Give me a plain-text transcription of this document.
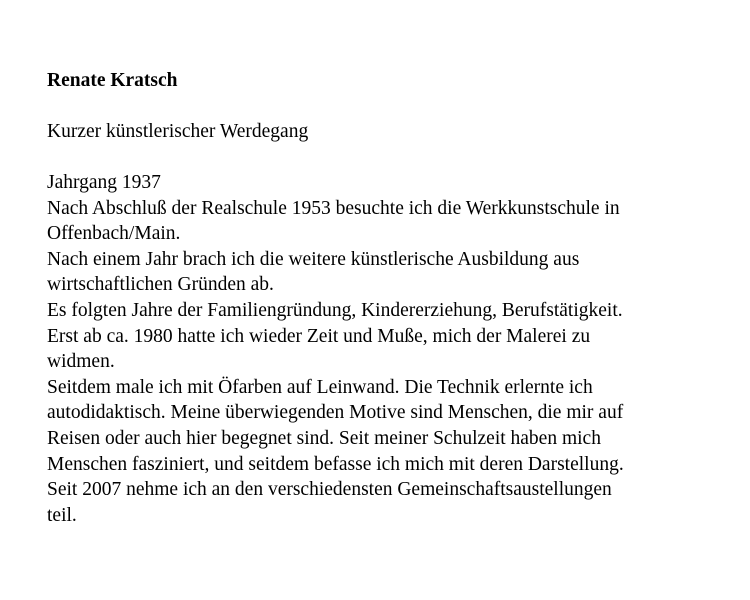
Renate Kratsch

Kurzer künstlerischer Werdegang

Jahrgang 1937
Nach Abschluß der Realschule 1953 besuchte ich die Werkkunstschule in
Offenbach/Main.
Nach einem Jahr brach ich die weitere künstlerische Ausbildung aus
wirtschaftlichen Gründen ab.
Es folgten Jahre der Familiengründung, Kindererziehung, Berufstätigkeit.
Erst ab ca. 1980 hatte ich wieder Zeit und Muße, mich der Malerei zu
widmen.
Seitdem male ich mit Öfarben auf Leinwand. Die Technik erlernte ich
autodidaktisch. Meine überwiegenden Motive sind Menschen, die mir auf
Reisen oder auch hier begegnet sind. Seit meiner Schulzeit haben mich
Menschen fasziniert, und seitdem befasse ich mich mit deren Darstellung.
Seit 2007 nehme ich an den verschiedensten Gemeinschaftsaustellungen
teil.
